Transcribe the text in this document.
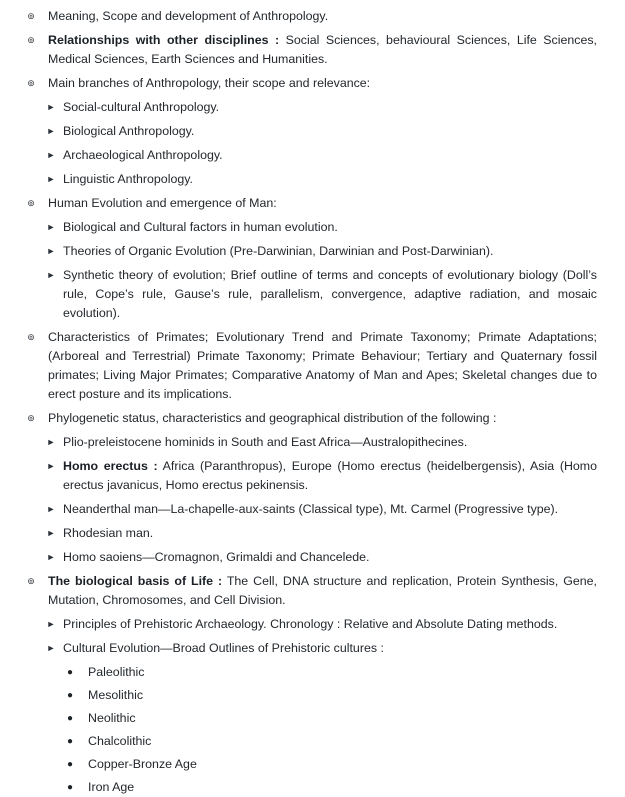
⊚ Meaning, Scope and development of Anthropology.
⊚ Relationships with other disciplines : Social Sciences, behavioural Sciences, Life Sciences, Medical Sciences, Earth Sciences and Humanities.
⊚ Main branches of Anthropology, their scope and relevance:
► Social-cultural Anthropology.
► Biological Anthropology.
► Archaeological Anthropology.
► Linguistic Anthropology.
⊚ Human Evolution and emergence of Man:
► Biological and Cultural factors in human evolution.
► Theories of Organic Evolution (Pre-Darwinian, Darwinian and Post-Darwinian).
► Synthetic theory of evolution; Brief outline of terms and concepts of evolutionary biology (Doll’s rule, Cope’s rule, Gause’s rule, parallelism, convergence, adaptive radiation, and mosaic evolution).
⊚ Characteristics of Primates; Evolutionary Trend and Primate Taxonomy; Primate Adaptations; (Arboreal and Terrestrial) Primate Taxonomy; Primate Behaviour; Tertiary and Quaternary fossil primates; Living Major Primates; Comparative Anatomy of Man and Apes; Skeletal changes due to erect posture and its implications.
⊚ Phylogenetic status, characteristics and geographical distribution of the following :
► Plio-preleistocene hominids in South and East Africa—Australopithecines.
► Homo erectus : Africa (Paranthropus), Europe (Homo erectus (heidelbergensis), Asia (Homo erectus javanicus, Homo erectus pekinensis.
► Neanderthal man—La-chapelle-aux-saints (Classical type), Mt. Carmel (Progressive type).
► Rhodesian man.
► Homo saoiens—Cromagnon, Grimaldi and Chancelede.
⊚ The biological basis of Life : The Cell, DNA structure and replication, Protein Synthesis, Gene, Mutation, Chromosomes, and Cell Division.
► Principles of Prehistoric Archaeology. Chronology : Relative and Absolute Dating methods.
► Cultural Evolution—Broad Outlines of Prehistoric cultures :
● Paleolithic
● Mesolithic
● Neolithic
● Chalcolithic
● Copper-Bronze Age
● Iron Age
